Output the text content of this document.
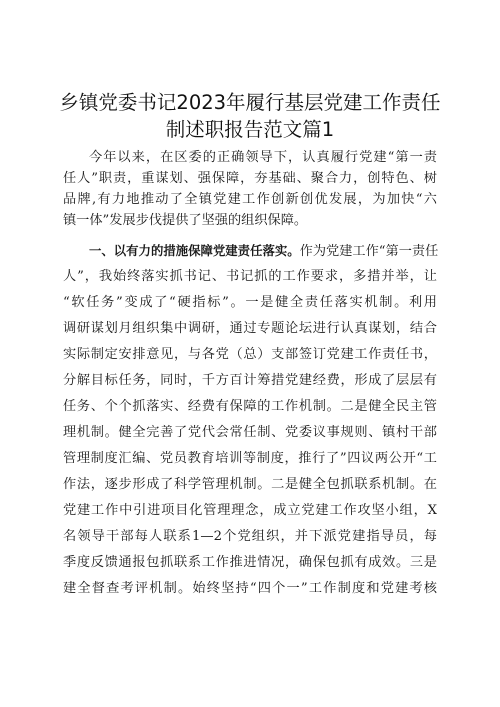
乡镇党委书记2023年履行基层党建工作责任
制述职报告范文篇1
今年以来，在区委的正确领导下，认真履行党建“第一责
任人”职责，重谋划、强保障，夯基础、聚合力，创特色、树
品牌,有力地推动了全镇党建工作创新创优发展，为加快“六
镇一体”发展步伐提供了坚强的组织保障。
一、以有力的措施保障党建责任落实。作为党建工作“第一责任
人”，我始终落实抓书记、书记抓的工作要求，多措并举，让
“软任务”变成了“硬指标”。一是健全责任落实机制。利用
调研谋划月组织集中调研，通过专题论坛进行认真谋划，结合
实际制定安排意见，与各党（总）支部签订党建工作责任书，
分解目标任务，同时，千方百计筹措党建经费，形成了层层有
任务、个个抓落实、经费有保障的工作机制。二是健全民主管
理机制。健全完善了党代会常任制、党委议事规则、镇村干部
管理制度汇编、党员教育培训等制度，推行了”四议两公开“工
作法，逐步形成了科学管理机制。二是健全包抓联系机制。在
党建工作中引进项目化管理理念，成立党建工作攻坚小组，X
名领导干部每人联系1—2个党组织，并下派党建指导员，每
季度反馈通报包抓联系工作推进情况，确保包抓有成效。三是
建全督查考评机制。始终坚持“四个一”工作制度和党建考核
